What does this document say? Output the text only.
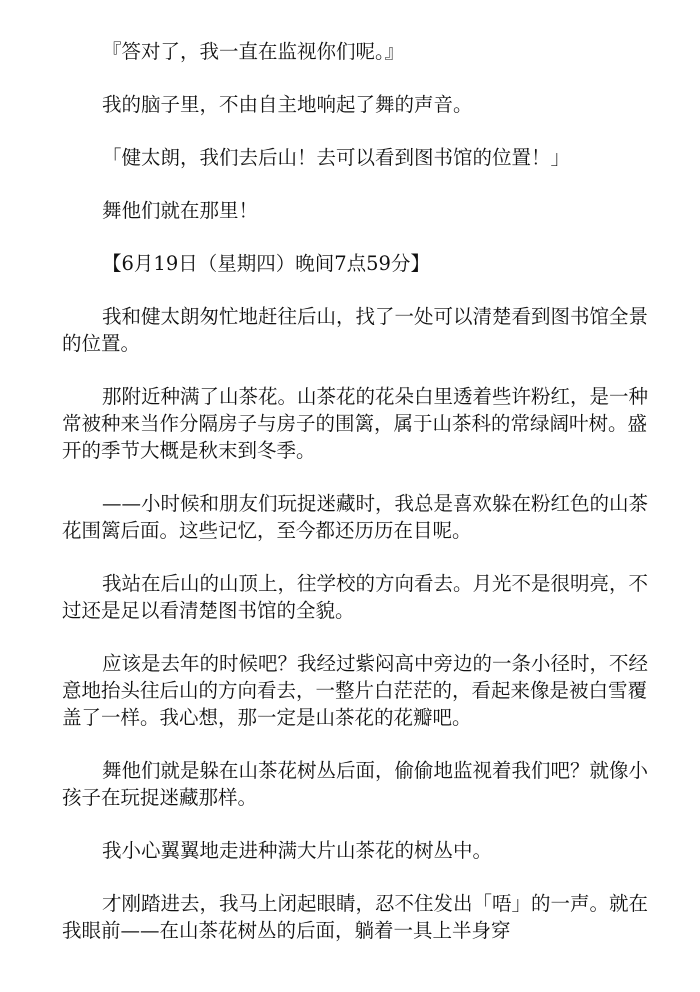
『答对了，我一直在监视你们呢。』

我的脑子里，不由自主地响起了舞的声音。

「健太朗，我们去后山！去可以看到图书馆的位置！」

舞他们就在那里！

【6月19日（星期四）晚间7点59分】

我和健太朗匆忙地赶往后山，找了一处可以清楚看到图书馆全景的位置。

那附近种满了山茶花。山茶花的花朵白里透着些许粉红，是一种常被种来当作分隔房子与房子的围篱，属于山茶科的常绿阔叶树。盛开的季节大概是秋末到冬季。

——小时候和朋友们玩捉迷藏时，我总是喜欢躲在粉红色的山茶花围篱后面。这些记忆，至今都还历历在目呢。

我站在后山的山顶上，往学校的方向看去。月光不是很明亮，不过还是足以看清楚图书馆的全貌。

应该是去年的时候吧？我经过紫闷高中旁边的一条小径时，不经意地抬头往后山的方向看去，一整片白茫茫的，看起来像是被白雪覆盖了一样。我心想，那一定是山茶花的花瓣吧。

舞他们就是躲在山茶花树丛后面，偷偷地监视着我们吧？就像小孩子在玩捉迷藏那样。

我小心翼翼地走进种满大片山茶花的树丛中。

才刚踏进去，我马上闭起眼睛，忍不住发出「唔」的一声。就在我眼前——在山茶花树丛的后面，躺着一具上半身穿
